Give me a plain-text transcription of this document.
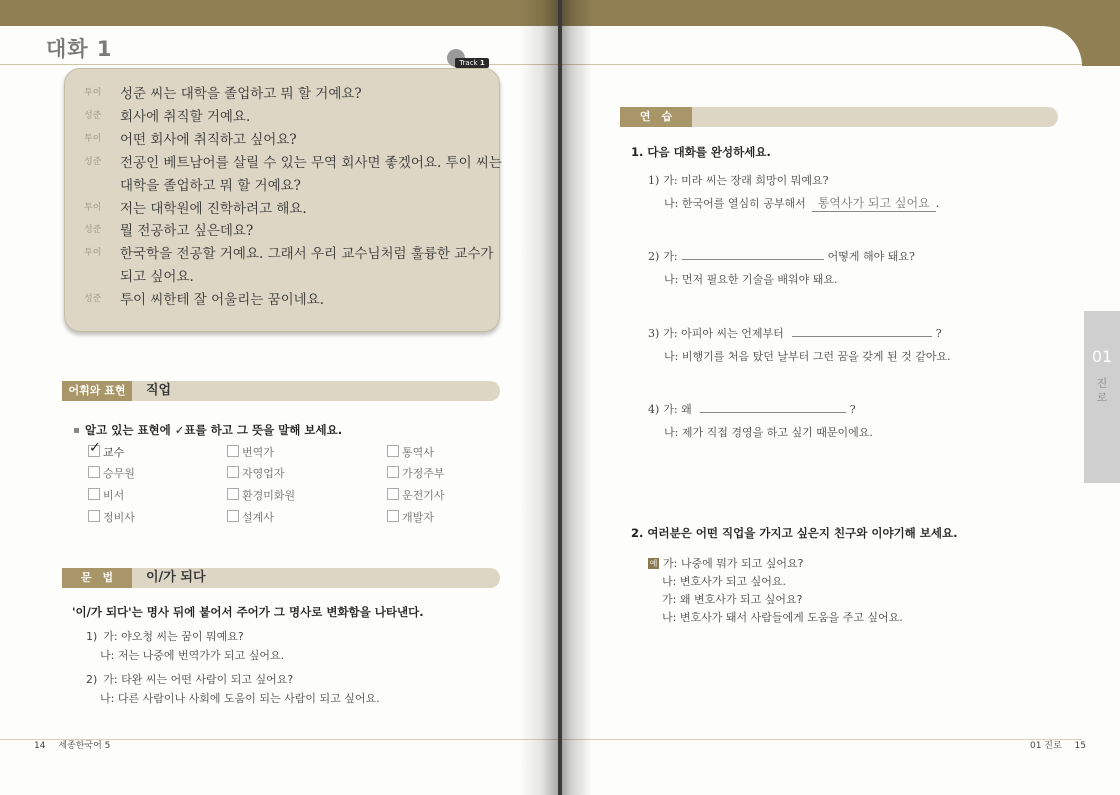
대화 1
Track 1
투이	성준 씨는 대학을 졸업하고 뭐 할 거예요?
성준	회사에 취직할 거예요.
투이	어떤 회사에 취직하고 싶어요?
성준	전공인 베트남어를 살릴 수 있는 무역 회사면 좋겠어요. 투이 씨는
대학을 졸업하고 뭐 할 거예요?
투이	저는 대학원에 진학하려고 해요.
성준	뭘 전공하고 싶은데요?
투이	한국학을 전공할 거예요. 그래서 우리 교수님처럼 훌륭한 교수가
되고 싶어요.
성준	투이 씨한테 잘 어울리는 꿈이네요.
어휘와 표현	직업
알고 있는 표현에 ✓표를 하고 그 뜻을 말해 보세요.
✓교수	번역가	통역사
승무원	자영업자	가정주부
비서	환경미화원	운전기사
정비사	설계사	개발자
문　법	이/가 되다
'이/가 되다'는 명사 뒤에 붙어서 주어가 그 명사로 변화함을 나타낸다.
1) 가: 야오청 씨는 꿈이 뭐예요?
나: 저는 나중에 번역가가 되고 싶어요.
2) 가: 타완 씨는 어떤 사람이 되고 싶어요?
나: 다른 사람이나 사회에 도움이 되는 사람이 되고 싶어요.
14 세종한국어 5
연　습
1. 다음 대화를 완성하세요.
1) 가: 미라 씨는 장래 희망이 뭐예요?
나: 한국어를 열심히 공부해서 통역사가 되고 싶어요 .
2) 가:	어떻게 해야 돼요?
나: 먼저 필요한 기술을 배워야 돼요.
3) 가: 아피아 씨는 언제부터	?
나: 비행기를 처음 탔던 날부터 그런 꿈을 갖게 된 것 같아요.
4) 가: 왜	?
나: 제가 직접 경영을 하고 싶기 때문이에요.
2. 여러분은 어떤 직업을 가지고 싶은지 친구와 이야기해 보세요.
예 가: 나중에 뭐가 되고 싶어요?
나: 변호사가 되고 싶어요.
가: 왜 변호사가 되고 싶어요?
나: 변호사가 돼서 사람들에게 도움을 주고 싶어요.
01
진
로
01 진로 15
